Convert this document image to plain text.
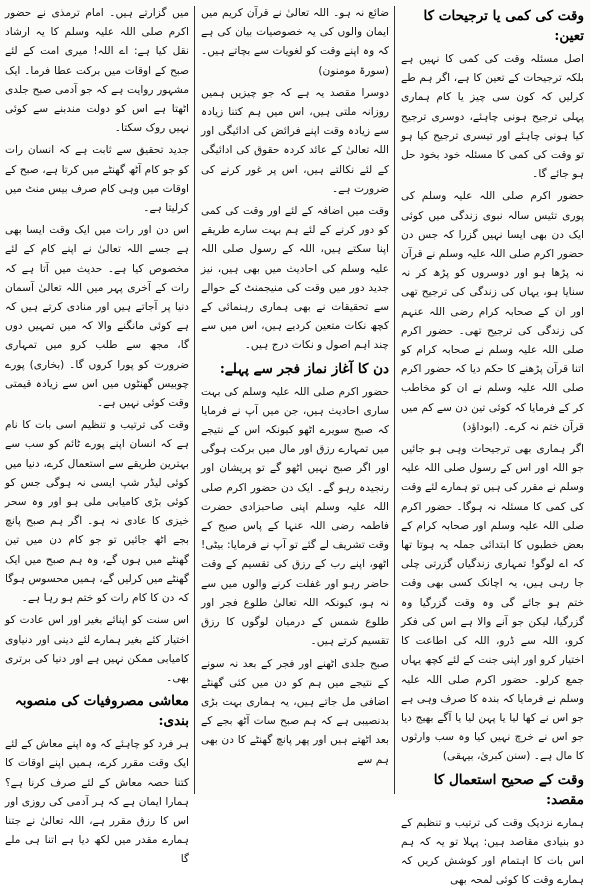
وقت کی کمی یا ترجیحات کا تعین:

اصل مسئلہ وقت کی کمی کا نہیں ہے بلکہ ترجیحات کے تعین کا ہے، اگر ہم طے کرلیں کہ کون سی چیز یا کام ہماری پہلی ترجیح ہونی چاہئے، دوسری ترجیح کیا ہونی چاہئے اور تیسری ترجیح کیا ہو تو وقت کی کمی کا مسئلہ خود بخود حل ہو جائے گا۔

حضور اکرم صلی اللہ علیہ وسلم کی پوری تئیس سالہ نبوی زندگی میں کوئی ایک دن بھی ایسا نہیں گزرا کہ جس دن حضور اکرم صلی اللہ علیہ وسلم نے قرآن نہ پڑھا ہو اور دوسروں کو پڑھ کر نہ سنایا ہو، یہاں کی زندگی کی ترجیح تھی اور ان کے صحابہ کرام رضی اللہ عنہم کی زندگی کی ترجیح تھی۔ حضور اکرم صلی اللہ علیہ وسلم نے صحابہ کرام کو اتنا قرآن پڑھنے کا حکم دیا کہ حضور اکرم صلی اللہ علیہ وسلم نے ان کو مخاطب کر کے فرمایا کہ کوئی تین دن سے کم میں قرآن ختم نہ کرے۔ (ابوداؤد)

اگر ہماری بھی ترجیحات وہی ہو جائیں جو اللہ اور اس کے رسول صلی اللہ علیہ وسلم نے مقرر کی ہیں تو ہمارے لئے وقت کی کمی کا مسئلہ نہ ہوگا۔ حضور اکرم صلی اللہ علیہ وسلم اور صحابہ کرام کے بعض خطبوں کا ابتدائی جملہ یہ ہوتا تھا کہ اے لوگو! تمہاری زندگیاں گزرتی چلی جا رہی ہیں، یہ اچانک کسی بھی وقت ختم ہو جائے گی وہ وقت گزرگیا وہ گزرگیا، لیکن جو آنے والا ہے اس کی فکر کرو، اللہ سے ڈرو، اللہ کی اطاعت کا اختیار کرو اور اپنی جنت کے لئے کچھ یہاں جمع کرلو۔ حضور اکرم صلی اللہ علیہ وسلم نے فرمایا کہ بندہ کا صرف وہی ہے جو اس نے کھا لیا یا پہن لیا یا آگے بھیج دیا جو اس نے خرچ نہیں کیا وہ سب وارثوں کا مال ہے۔ (سنن کبریٰ، بیہقی)

وقت کے صحیح استعمال کا مقصد:

ہمارے نزدیک وقت کی ترتیب و تنظیم کے دو بنیادی مقاصد ہیں: پہلا تو یہ کہ ہم اس بات کا اہتمام اور کوشش کریں کہ ہمارے وقت کا کوئی لمحہ بھی

ضائع نہ ہو۔ اللہ تعالیٰ نے قرآن کریم میں ایمان والوں کی یہ خصوصیات بیان کی ہے کہ وہ اپنے وقت کو لغویات سے بچاتے ہیں۔ (سورۃ مومنون)

دوسرا مقصد یہ ہے کہ جو چیزیں ہمیں روزانہ ملتی ہیں، اس میں ہم کتنا زیادہ سے زیادہ وقت اپنے فرائض کی ادائیگی اور اللہ تعالیٰ کے عائد کردہ حقوق کی ادائیگی کے لئے نکالتے ہیں، اس پر غور کرنے کی ضرورت ہے۔

وقت میں اضافہ کے لئے اور وقت کی کمی کو دور کرنے کے لئے ہم بہت سارے طریقے اپنا سکتے ہیں، اللہ کے رسول صلی اللہ علیہ وسلم کی احادیث میں بھی ہیں، نیز جدید دور میں وقت کی منیجمنٹ کے حوالے سے تحقیقات نے بھی ہماری رہنمائی کے کچھ نکات متعین کردیے ہیں، اس میں سے چند اہم اصول و نکات درج ہیں۔

دن کا آغاز نماز فجر سے پہلے:

حضور اکرم صلی اللہ علیہ وسلم کی بہت ساری احادیث ہیں، جن میں آپ نے فرمایا کہ صبح سویرے اٹھو کیونکہ اس کے نتیجے میں تمہارے رزق اور مال میں برکت ہوگی اور اگر صبح نہیں اٹھو گے تو پریشان اور رنجیدہ رہو گے۔ ایک دن حضور اکرم صلی اللہ علیہ وسلم اپنی صاحبزادی حضرت فاطمہ رضی اللہ عنہا کے پاس صبح کے وقت تشریف لے گئے تو آپ نے فرمایا: بیٹی! اٹھو، اپنے رب کے رزق کی تقسیم کے وقت حاضر رہو اور غفلت کرنے والوں میں سے نہ ہو، کیونکہ اللہ تعالیٰ طلوع فجر اور طلوع شمس کے درمیان لوگوں کا رزق تقسیم کرتے ہیں۔

صبح جلدی اٹھنے اور فجر کے بعد نہ سونے کے نتیجے میں ہم کو دن میں کئی گھنٹے اضافی مل جاتے ہیں، یہ ہماری بہت بڑی بدنصیبی ہے کہ ہم صبح سات آٹھ بجے کے بعد اٹھتے ہیں اور پھر پانچ گھنٹے کا دن بھی ہم سے

میں گزارتے ہیں۔ امام ترمذی نے حضور اکرم صلی اللہ علیہ وسلم کا یہ ارشاد نقل کیا ہے: اے اللہ! میری امت کے لئے صبح کے اوقات میں برکت عطا فرما۔ ایک مشہور روایت ہے کہ جو آدمی صبح جلدی اٹھتا ہے اس کو دولت مندبنے سے کوئی نہیں روک سکتا۔

جدید تحقیق سے ثابت ہے کہ انسان رات کو جو کام آٹھ گھنٹے میں کرتا ہے، صبح کے اوقات میں وہی کام صرف بیس منٹ میں کرلیتا ہے۔

اس دن اور رات میں ایک وقت ایسا بھی ہے جسے اللہ تعالیٰ نے اپنے کام کے لئے مخصوص کیا ہے۔ حدیث میں آتا ہے کہ رات کے آخری پہر میں اللہ تعالیٰ آسمان دنیا پر آجاتے ہیں اور منادی کرتے ہیں کہ ہے کوئی مانگنے والا کہ میں تمہیں دوں گا، مجھ سے طلب کرو میں تمہاری ضرورت کو پورا کروں گا۔ (بخاری) پورے چوبیس گھنٹوں میں اس سے زیادہ قیمتی وقت کوئی نہیں ہے۔

وقت کی ترتیب و تنظیم اسی بات کا نام ہے کہ انسان اپنے پورے ٹائم کو سب سے بہترین طریقے سے استعمال کرے، دنیا میں کوئی لیڈر شپ ایسی نہ ہوگی جس کو کوئی بڑی کامیابی ملی ہو اور وہ سحر خیزی کا عادی نہ ہو۔ اگر ہم صبح پانچ بجے اٹھ جائیں تو جو کام دن میں تین گھنٹے میں ہوں گے، وہ ہم صبح میں ایک گھنٹے میں کرلیں گے، ہمیں محسوس ہوگا کہ دن کا کام رات کو ختم ہو رہا ہے۔

اس سنت کو اپنائے بغیر اور اس عادت کو اختیار کئے بغیر ہمارے لئے دینی اور دنیاوی کامیابی ممکن نہیں ہے اور دنیا کی برتری بھی۔

معاشی مصروفیات کی منصوبہ بندی:

ہر فرد کو چاہئے کہ وہ اپنے معاش کے لئے ایک وقت مقرر کرے، ہمیں اپنے اوقات کا کتنا حصہ معاش کے لئے صرف کرنا ہے؟ ہمارا ایمان ہے کہ ہر آدمی کی روزی اور اس کا رزق مقرر ہے، اللہ تعالیٰ نے جتنا ہمارے مقدر میں لکھ دیا ہے اتنا ہی ملے گا
